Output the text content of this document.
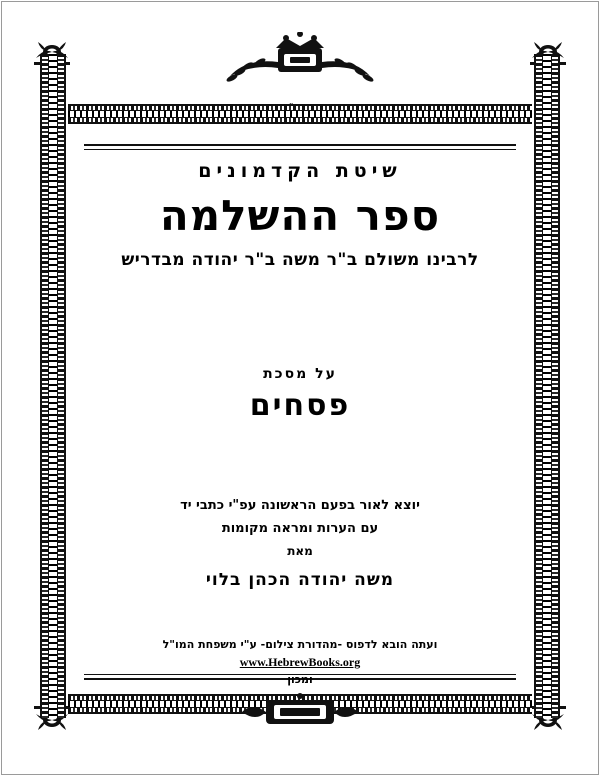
שיטת הקדמונים
ספר ההשלמה
לרבינו משולם ב"ר משה ב"ר יהודה מבדריש
על מסכת
פסחים
יוצא לאור בפעם הראשונה עפ"י כתבי יד
עם הערות ומראה מקומות
מאת
משה יהודה הכהן בלוי
ועתה הובא לדפוס -מהדורת צילום- ע"י משפחת המו"ל
www.HebrewBooks.org
ומכון
